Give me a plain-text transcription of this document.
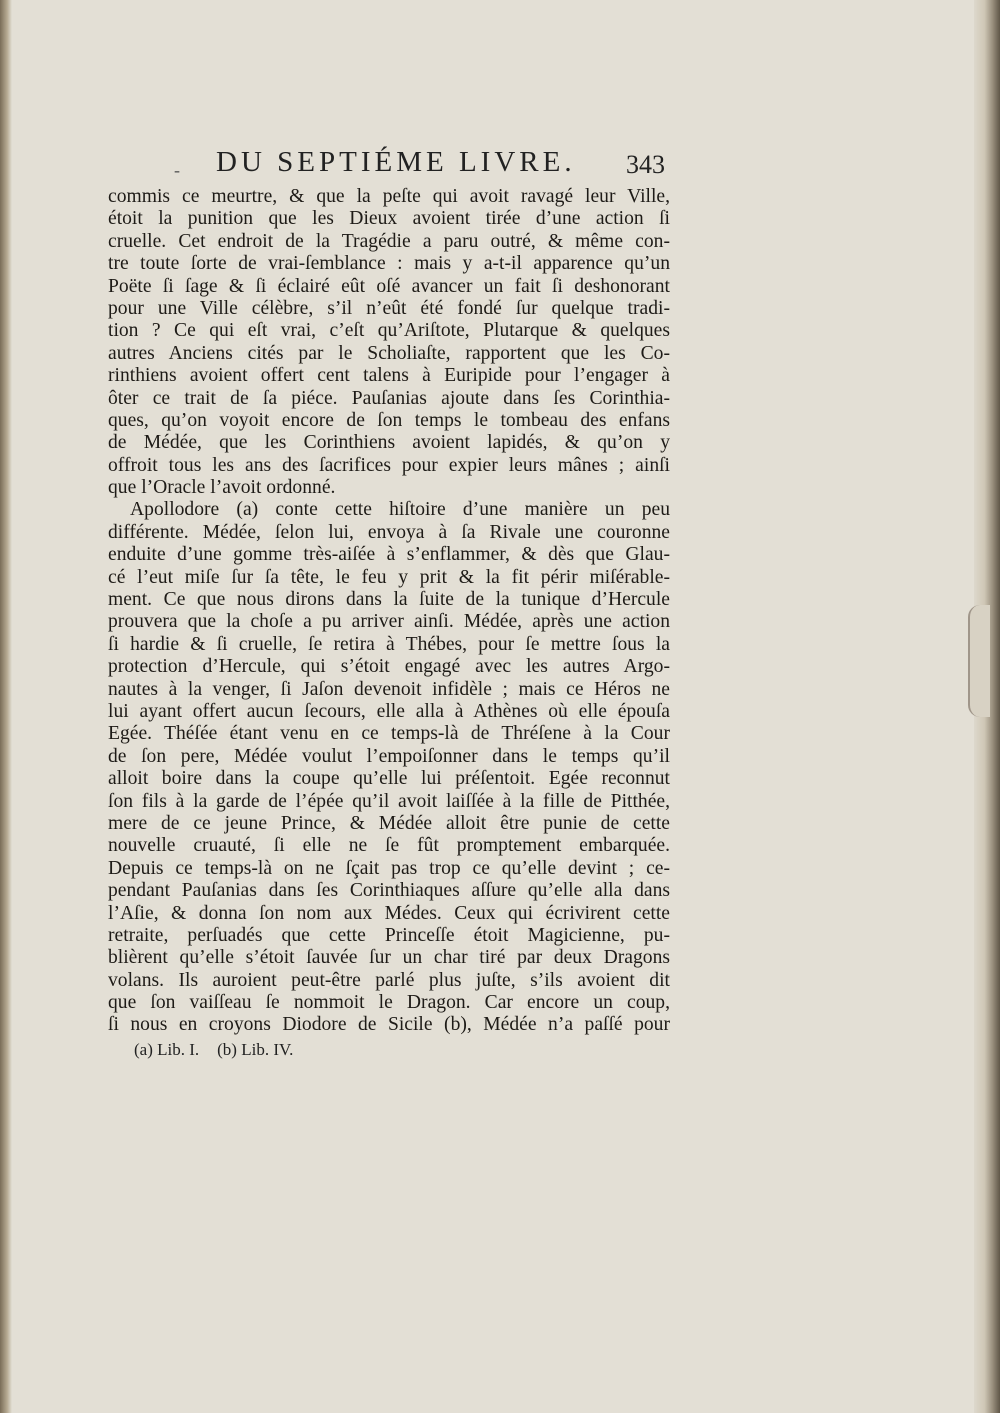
- DU SEPTIÉME LIVRE. 343
commis ce meurtre, & que la peſte qui avoit ravagé leur Ville,
étoit la punition que les Dieux avoient tirée d’une action ſi
cruelle. Cet endroit de la Tragédie a paru outré, & même con-
tre toute ſorte de vrai-ſemblance : mais y a-t-il apparence qu’un
Poëte ſi ſage & ſi éclairé eût oſé avancer un fait ſi deshonorant
pour une Ville célèbre, s’il n’eût été fondé ſur quelque tradi-
tion ? Ce qui eſt vrai, c’eſt qu’Ariſtote, Plutarque & quelques
autres Anciens cités par le Scholiaſte, rapportent que les Co-
rinthiens avoient offert cent talens à Euripide pour l’engager à
ôter ce trait de ſa piéce. Pauſanias ajoute dans ſes Corinthia-
ques, qu’on voyoit encore de ſon temps le tombeau des enfans
de Médée, que les Corinthiens avoient lapidés, & qu’on y
offroit tous les ans des ſacrifices pour expier leurs mânes ; ainſi
que l’Oracle l’avoit ordonné.
Apollodore (a) conte cette hiſtoire d’une manière un peu
différente. Médée, ſelon lui, envoya à ſa Rivale une couronne
enduite d’une gomme très-aiſée à s’enflammer, & dès que Glau-
cé l’eut miſe ſur ſa tête, le feu y prit & la fit périr miſérable-
ment. Ce que nous dirons dans la ſuite de la tunique d’Hercule
prouvera que la choſe a pu arriver ainſi. Médée, après une action
ſi hardie & ſi cruelle, ſe retira à Thébes, pour ſe mettre ſous la
protection d’Hercule, qui s’étoit engagé avec les autres Argo-
nautes à la venger, ſi Jaſon devenoit infidèle ; mais ce Héros ne
lui ayant offert aucun ſecours, elle alla à Athènes où elle épouſa
Egée. Théſée étant venu en ce temps-là de Thréſene à la Cour
de ſon pere, Médée voulut l’empoiſonner dans le temps qu’il
alloit boire dans la coupe qu’elle lui préſentoit. Egée reconnut
ſon fils à la garde de l’épée qu’il avoit laiſſée à la fille de Pitthée,
mere de ce jeune Prince, & Médée alloit être punie de cette
nouvelle cruauté, ſi elle ne ſe fût promptement embarquée.
Depuis ce temps-là on ne ſçait pas trop ce qu’elle devint ; ce-
pendant Pauſanias dans ſes Corinthiaques aſſure qu’elle alla dans
l’Aſie, & donna ſon nom aux Médes. Ceux qui écrivirent cette
retraite, perſuadés que cette Princeſſe étoit Magicienne, pu-
blièrent qu’elle s’étoit ſauvée ſur un char tiré par deux Dragons
volans. Ils auroient peut-être parlé plus juſte, s’ils avoient dit
que ſon vaiſſeau ſe nommoit le Dragon. Car encore un coup,
ſi nous en croyons Diodore de Sicile (b), Médée n’a paſſé pour
(a) Lib. I. (b) Lib. IV.
